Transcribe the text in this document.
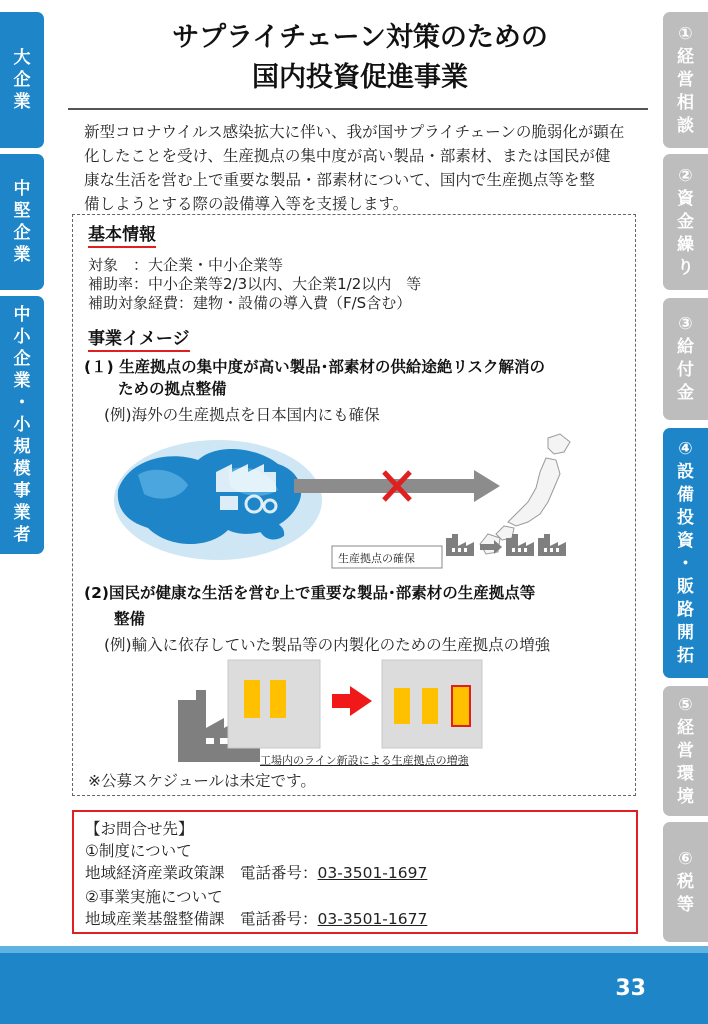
大
企
業
中
堅
企
業
中
小
企
業
・
小
規
模
事
業
者
①
経
営
相
談
②
資
金
繰
り
③
給
付
金
④
設
備
投
資
・
販
路
開
拓
⑤
経
営
環
境
⑥
税
等
サプライチェーン対策のための
国内投資促進事業
新型コロナウイルス感染拡大に伴い、我が国サプライチェーンの脆弱化が顕在
化したことを受け、生産拠点の集中度が高い製品・部素材、または国民が健
康な生活を営む上で重要な製品・部素材について、国内で生産拠点等を整
備しようとする際の設備導入等を支援します。
基本情報
対象　：大企業・中小企業等
補助率：中小企業等2/3以内、大企業1/2以内　等
補助対象経費：建物・設備の導入費（F/S含む）
事業イメージ
(１) 生産拠点の集中度が高い製品･部素材の供給途絶リスク解消の
ための拠点整備
(例)海外の生産拠点を日本国内にも確保
生産拠点の確保
(2)国民が健康な生活を営む上で重要な製品･部素材の生産拠点等
整備
(例)輸入に依存していた製品等の内製化のための生産拠点の増強
工場内のライン新設による生産拠点の増強
※公募スケジュールは未定です。
【お問合せ先】
①制度について
地域経済産業政策課　 電話番号：03-3501-1697
②事業実施について
地域産業基盤整備課　 電話番号：03-3501-1677
33
